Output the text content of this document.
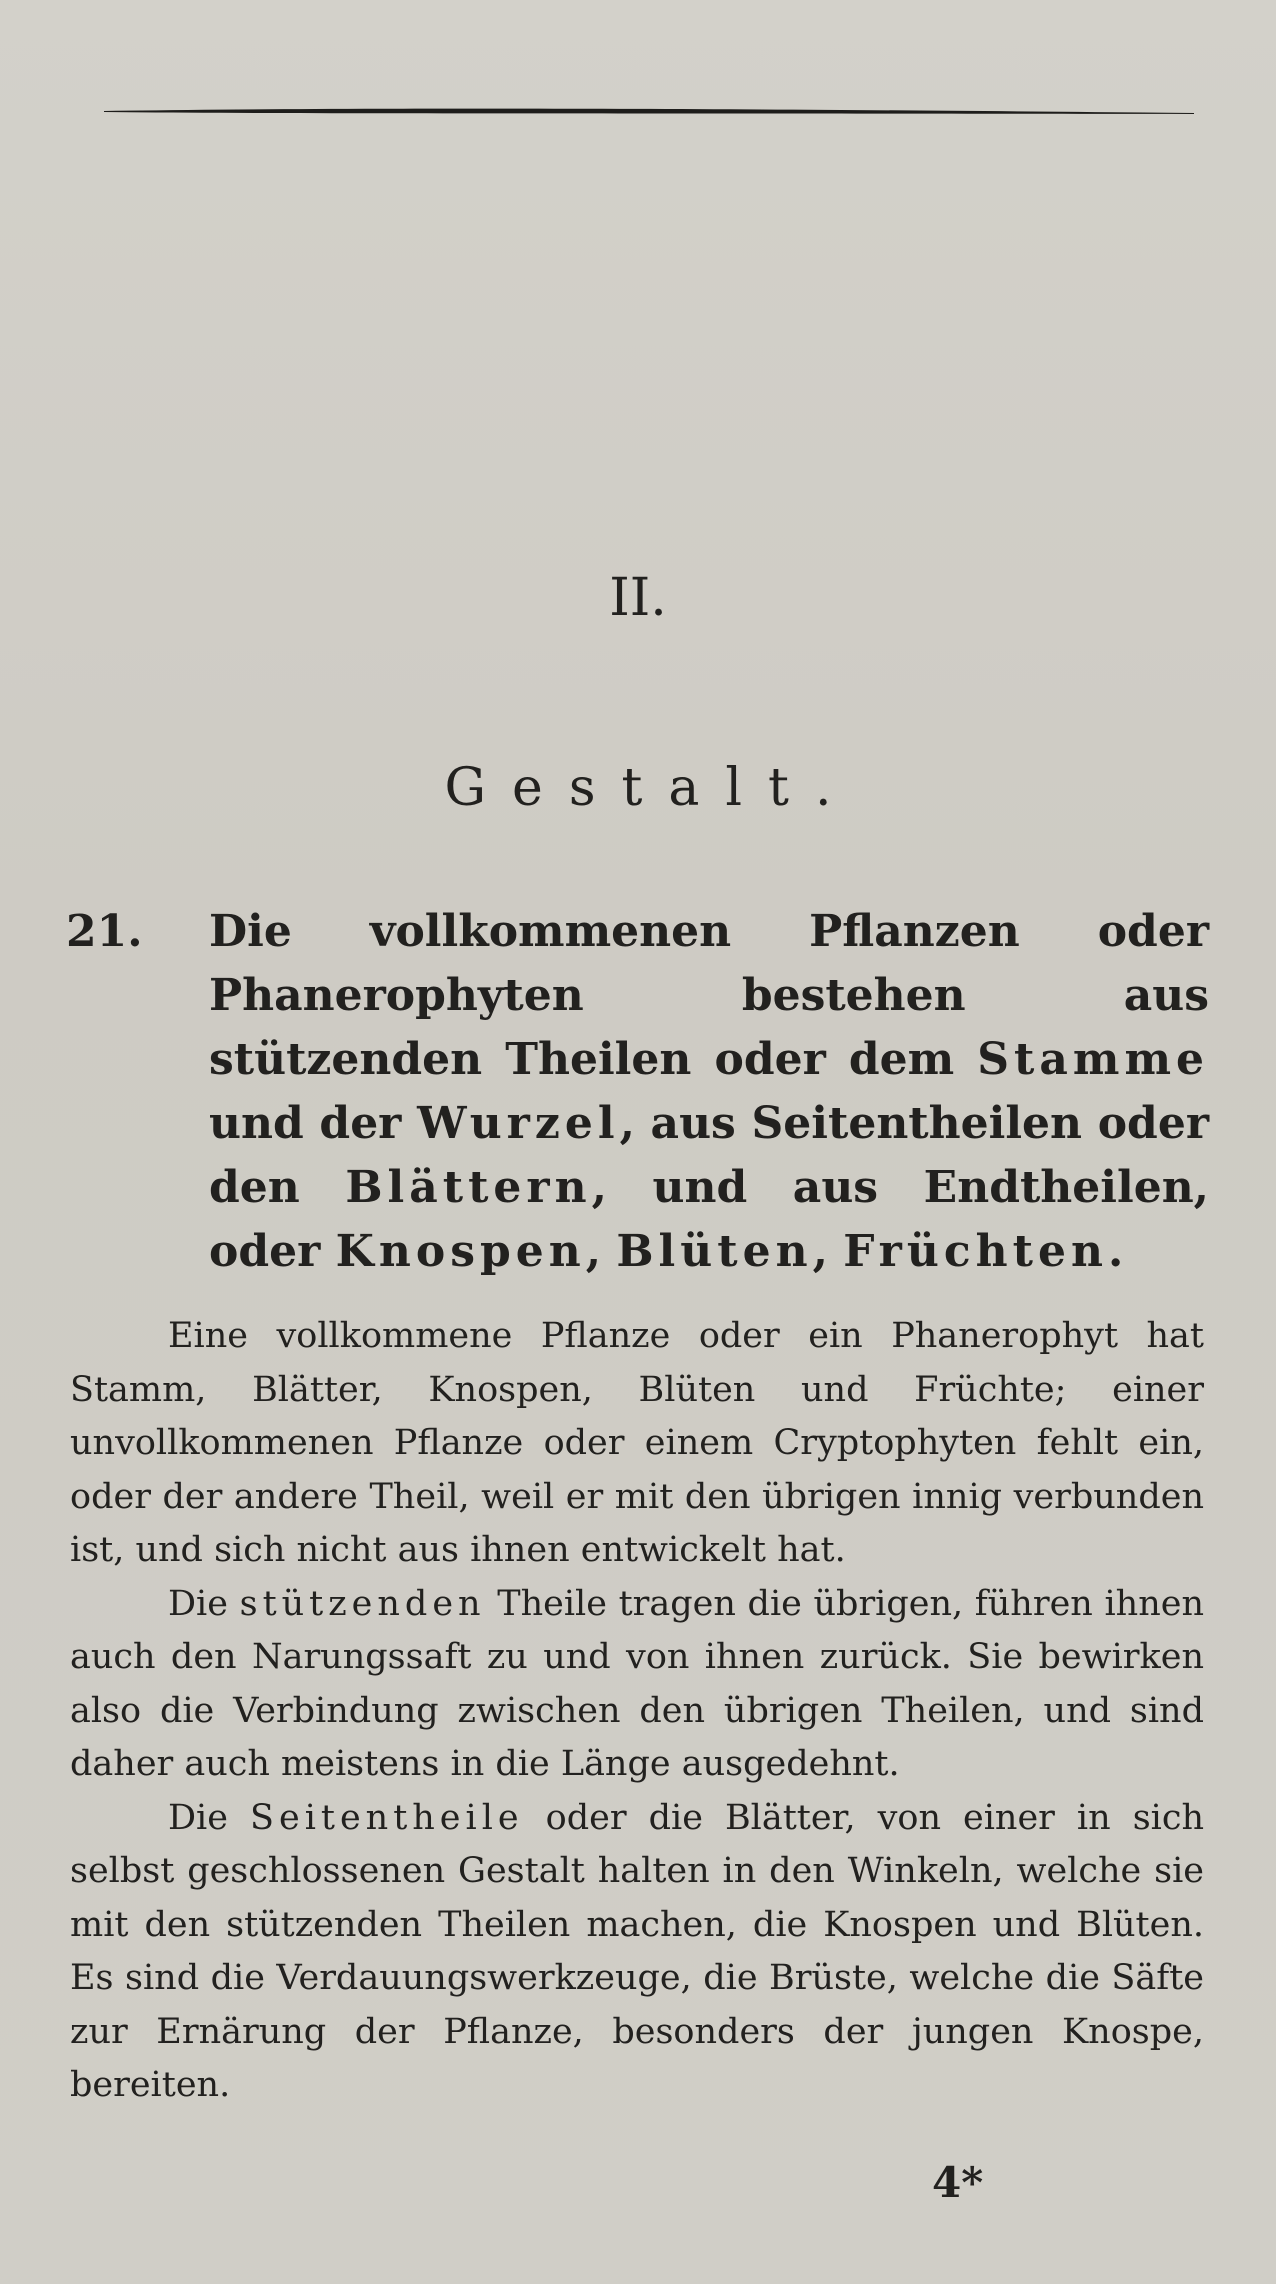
II.
Gestalt.
21. Die vollkommenen Pflanzen oder Phanerophyten bestehen aus stützenden Theilen oder dem Stamme und der Wurzel, aus Seitentheilen oder den Blättern, und aus Endtheilen, oder Knospen, Blüten, Früchten.

Eine vollkommene Pflanze oder ein Phanerophyt hat Stamm, Blätter, Knospen, Blüten und Früchte; einer unvollkommenen Pflanze oder einem Cryptophyten fehlt ein, oder der andere Theil, weil er mit den übrigen innig verbunden ist, und sich nicht aus ihnen entwickelt hat.

Die stützenden Theile tragen die übrigen, führen ihnen auch den Narungssaft zu und von ihnen zurück. Sie bewirken also die Verbindung zwischen den übrigen Theilen, und sind daher auch meistens in die Länge ausgedehnt.

Die Seitentheile oder die Blätter, von einer in sich selbst geschlossenen Gestalt halten in den Winkeln, welche sie mit den stützenden Theilen machen, die Knospen und Blüten. Es sind die Verdauungswerkzeuge, die Brüste, welche die Säfte zur Ernärung der Pflanze, besonders der jungen Knospe, bereiten.

4*
